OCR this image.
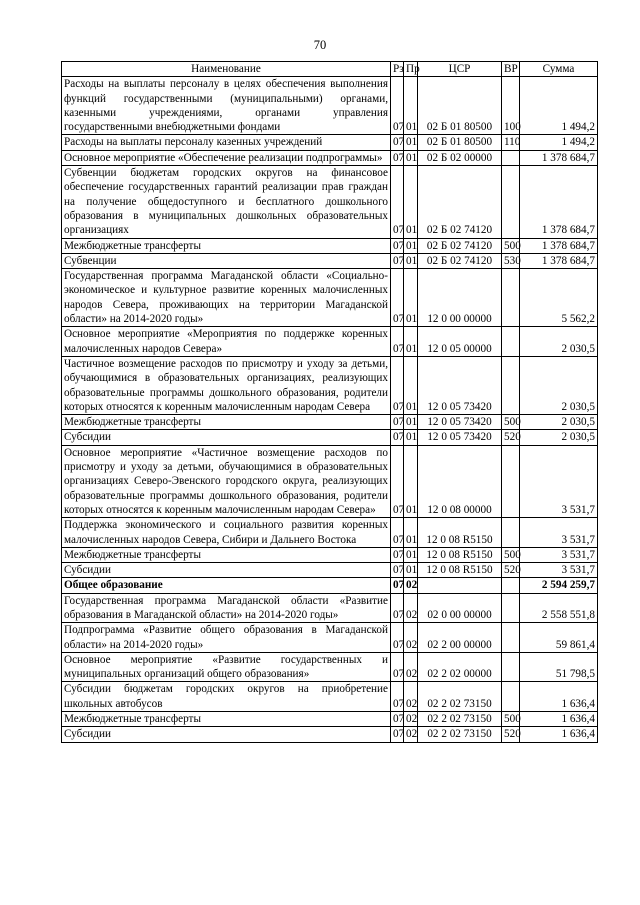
70
Наименование	Рз	Пр	ЦСР	ВР	Сумма
Расходы на выплаты персоналу в целях обеспечения выполнения функций государственными (муниципальными) органами, казенными учреждениями, органами управления государственными внебюджетными фондами	07	01	02 Б 01 80500	100	1 494,2
Расходы на выплаты персоналу казенных учреждений	07	01	02 Б 01 80500	110	1 494,2
Основное мероприятие «Обеспечение реализации подпрограммы»	07	01	02 Б 02 00000		1 378 684,7
Субвенции бюджетам городских округов на финансовое обеспечение государственных гарантий реализации прав граждан на получение общедоступного и бесплатного дошкольного образования в муниципальных дошкольных образовательных организациях	07	01	02 Б 02 74120		1 378 684,7
Межбюджетные трансферты	07	01	02 Б 02 74120	500	1 378 684,7
Субвенции	07	01	02 Б 02 74120	530	1 378 684,7
Государственная программа Магаданской области «Социально-экономическое и культурное развитие коренных малочисленных народов Севера, проживающих на территории Магаданской области» на 2014-2020 годы»	07	01	12 0 00 00000		5 562,2
Основное мероприятие «Мероприятия по поддержке коренных малочисленных народов Севера»	07	01	12 0 05 00000		2 030,5
Частичное возмещение расходов по присмотру и уходу за детьми, обучающимися в образовательных организациях, реализующих образовательные программы дошкольного образования, родители которых относятся к коренным малочисленным народам Севера	07	01	12 0 05 73420		2 030,5
Межбюджетные трансферты	07	01	12 0 05 73420	500	2 030,5
Субсидии	07	01	12 0 05 73420	520	2 030,5
Основное мероприятие «Частичное возмещение расходов по присмотру и уходу за детьми, обучающимися в образовательных организациях Северо-Эвенского городского округа, реализующих образовательные программы дошкольного образования, родители которых относятся к коренным малочисленным народам Севера»	07	01	12 0 08 00000		3 531,7
Поддержка экономического и социального развития коренных малочисленных народов Севера, Сибири и Дальнего Востока	07	01	12 0 08 R5150		3 531,7
Межбюджетные трансферты	07	01	12 0 08 R5150	500	3 531,7
Субсидии	07	01	12 0 08 R5150	520	3 531,7
Общее образование	07	02			2 594 259,7
Государственная программа Магаданской области «Развитие образования в Магаданской области» на 2014-2020 годы»	07	02	02 0 00 00000		2 558 551,8
Подпрограмма «Развитие общего образования в Магаданской области» на 2014-2020 годы»	07	02	02 2 00 00000		59 861,4
Основное мероприятие «Развитие государственных и муниципальных организаций общего образования»	07	02	02 2 02 00000		51 798,5
Субсидии бюджетам городских округов на приобретение школьных автобусов	07	02	02 2 02 73150		1 636,4
Межбюджетные трансферты	07	02	02 2 02 73150	500	1 636,4
Субсидии	07	02	02 2 02 73150	520	1 636,4
